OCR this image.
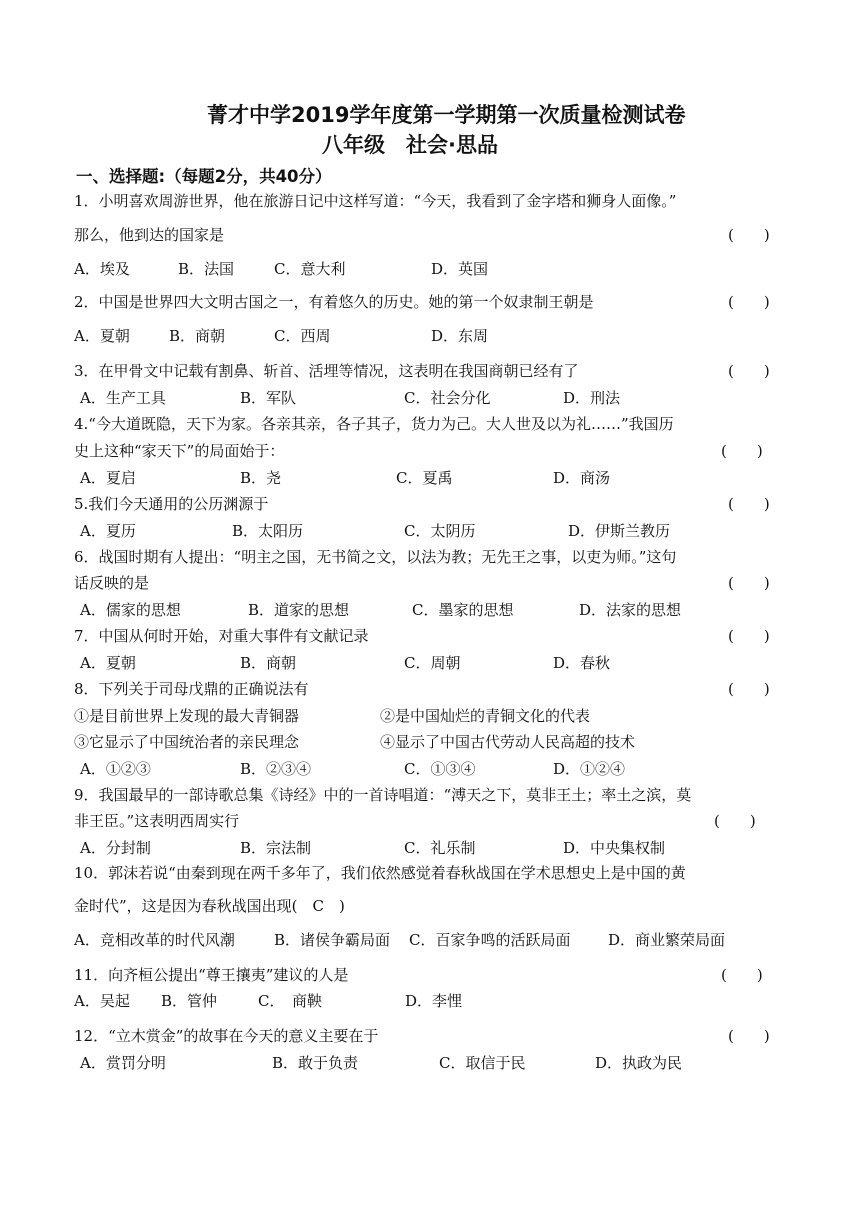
菁才中学2019学年度第一学期第一次质量检测试卷
八年级　社会·思品
一、选择题:（每题2分，共40分）
1．小明喜欢周游世界，他在旅游日记中这样写道：“今天，我看到了金字塔和狮身人面像。”
那么，他到达的国家是	(　　)
A．埃及	B．法国	C．意大利	D．英国
2．中国是世界四大文明古国之一，有着悠久的历史。她的第一个奴隶制王朝是	(　　)
A．夏朝	B．商朝	C．西周	D．东周
3．在甲骨文中记载有割鼻、斩首、活埋等情况，这表明在我国商朝已经有了	(　　)
A．生产工具	B．军队	C．社会分化	D．刑法
4.“今大道既隐，天下为家。各亲其亲，各子其子，货力为己。大人世及以为礼……”我国历
史上这种“家天下”的局面始于：	(　　)
A．夏启	B．尧	C．夏禹	D．商汤
5.我们今天通用的公历渊源于	(　　)
A．夏历	B．太阳历	C．太阴历	D．伊斯兰教历
6．战国时期有人提出：“明主之国，无书简之文，以法为教；无先王之事，以吏为师。”这句
话反映的是	(　　)
A．儒家的思想	B．道家的思想	C．墨家的思想	D．法家的思想
7．中国从何时开始，对重大事件有文献记录	(　　)
A．夏朝	B．商朝	C．周朝	D．春秋
8．下列关于司母戊鼎的正确说法有	(　　)
①是目前世界上发现的最大青铜器	②是中国灿烂的青铜文化的代表
③它显示了中国统治者的亲民理念	④显示了中国古代劳动人民高超的技术
A．①②③	B．②③④	C．①③④	D．①②④
9．我国最早的一部诗歌总集《诗经》中的一首诗唱道：“溥天之下，莫非王土；率土之滨，莫
非王臣。”这表明西周实行	(　　)
A．分封制	B．宗法制	C．礼乐制	D．中央集权制
10．郭沫若说“由秦到现在两千多年了，我们依然感觉着春秋战国在学术思想史上是中国的黄
金时代”，这是因为春秋战国出现(　C　)
A．竞相改革的时代风潮	B．诸侯争霸局面 C．百家争鸣的活跃局面	D．商业繁荣局面
11．向齐桓公提出“尊王攘夷”建议的人是	(　　)
A．吴起 B．管仲	C．　商鞅	D．李悝
12．“立木赏金”的故事在今天的意义主要在于	(　　)
A．赏罚分明	B．敢于负责	C．取信于民	D．执政为民
